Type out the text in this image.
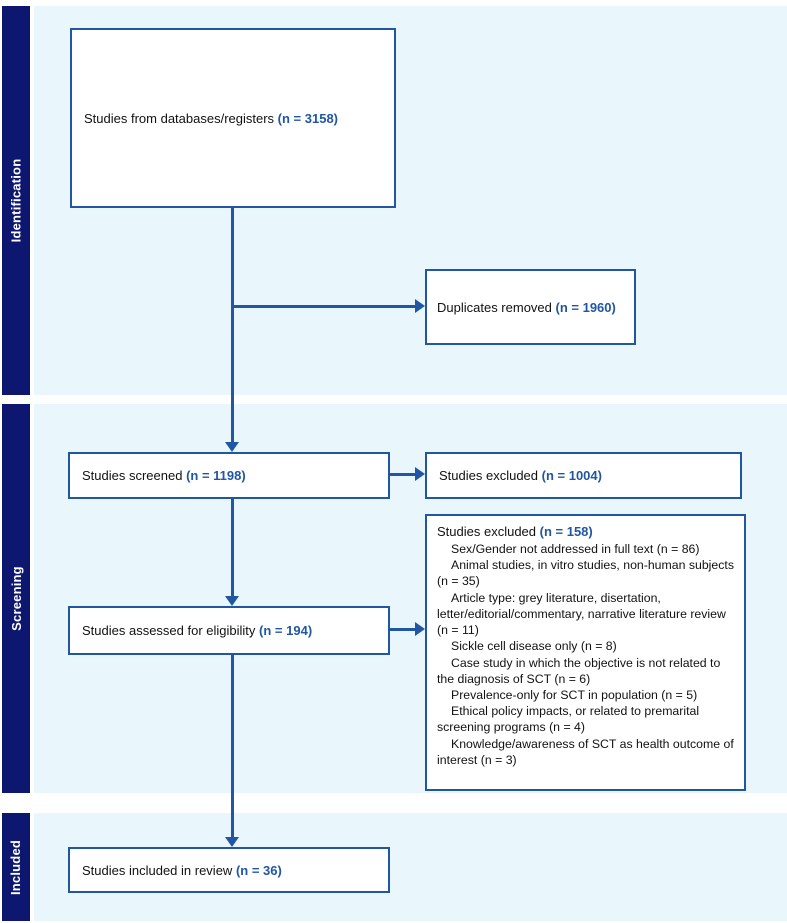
Identification
Screening
Included
Studies from databases/registers (n = 3158)
Duplicates removed (n = 1960)
Studies screened (n = 1198)	Studies excluded (n = 1004)
Studies assessed for eligibility (n = 194)
Studies excluded (n = 158)

Sex/Gender not addressed in full text (n = 86)

Animal studies, in vitro studies, non-human subjects (n = 35)

Article type: grey literature, disertation, letter/editorial/commentary, narrative literature review (n = 11)

Sickle cell disease only (n = 8)

Case study in which the objective is not related to the diagnosis of SCT (n = 6)

Prevalence-only for SCT in population (n = 5)

Ethical policy impacts, or related to premarital screening programs (n = 4)

Knowledge/awareness of SCT as health outcome of interest (n = 3)

Studies included in review (n = 36)
